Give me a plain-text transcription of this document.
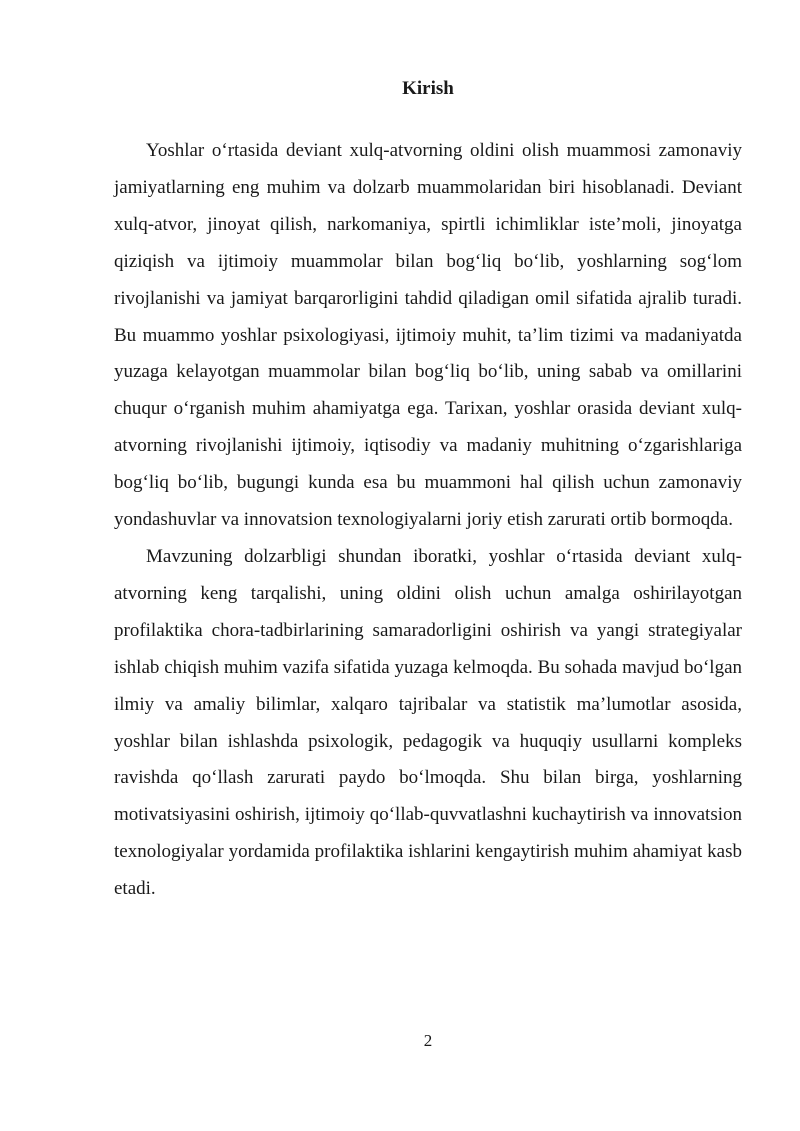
Kirish

Yoshlar o‘rtasida deviant xulq-atvorning oldini olish muammosi zamonaviy jamiyatlarning eng muhim va dolzarb muammolaridan biri hisoblanadi. Deviant xulq-atvor, jinoyat qilish, narkomaniya, spirtli ichimliklar iste’moli, jinoyatga qiziqish va ijtimoiy muammolar bilan bog‘liq bo‘lib, yoshlarning sog‘lom rivojlanishi va jamiyat barqarorligini tahdid qiladigan omil sifatida ajralib turadi. Bu muammo yoshlar psixologiyasi, ijtimoiy muhit, ta’lim tizimi va madaniyatda yuzaga kelayotgan muammolar bilan bog‘liq bo‘lib, uning sabab va omillarini chuqur o‘rganish muhim ahamiyatga ega. Tarixan, yoshlar orasida deviant xulq-atvorning rivojlanishi ijtimoiy, iqtisodiy va madaniy muhitning o‘zgarishlariga bog‘liq bo‘lib, bugungi kunda esa bu muammoni hal qilish uchun zamonaviy yondashuvlar va innovatsion texnologiyalarni joriy etish zarurati ortib bormoqda.

Mavzuning dolzarbligi shundan iboratki, yoshlar o‘rtasida deviant xulq-atvorning keng tarqalishi, uning oldini olish uchun amalga oshirilayotgan profilaktika chora-tadbirlarining samaradorligini oshirish va yangi strategiyalar ishlab chiqish muhim vazifa sifatida yuzaga kelmoqda. Bu sohada mavjud bo‘lgan ilmiy va amaliy bilimlar, xalqaro tajribalar va statistik ma’lumotlar asosida, yoshlar bilan ishlashda psixologik, pedagogik va huquqiy usullarni kompleks ravishda qo‘llash zarurati paydo bo‘lmoqda. Shu bilan birga, yoshlarning motivatsiyasini oshirish, ijtimoiy qo‘llab-quvvatlashni kuchaytirish va innovatsion texnologiyalar yordamida profilaktika ishlarini kengaytirish muhim ahamiyat kasb etadi.

2
